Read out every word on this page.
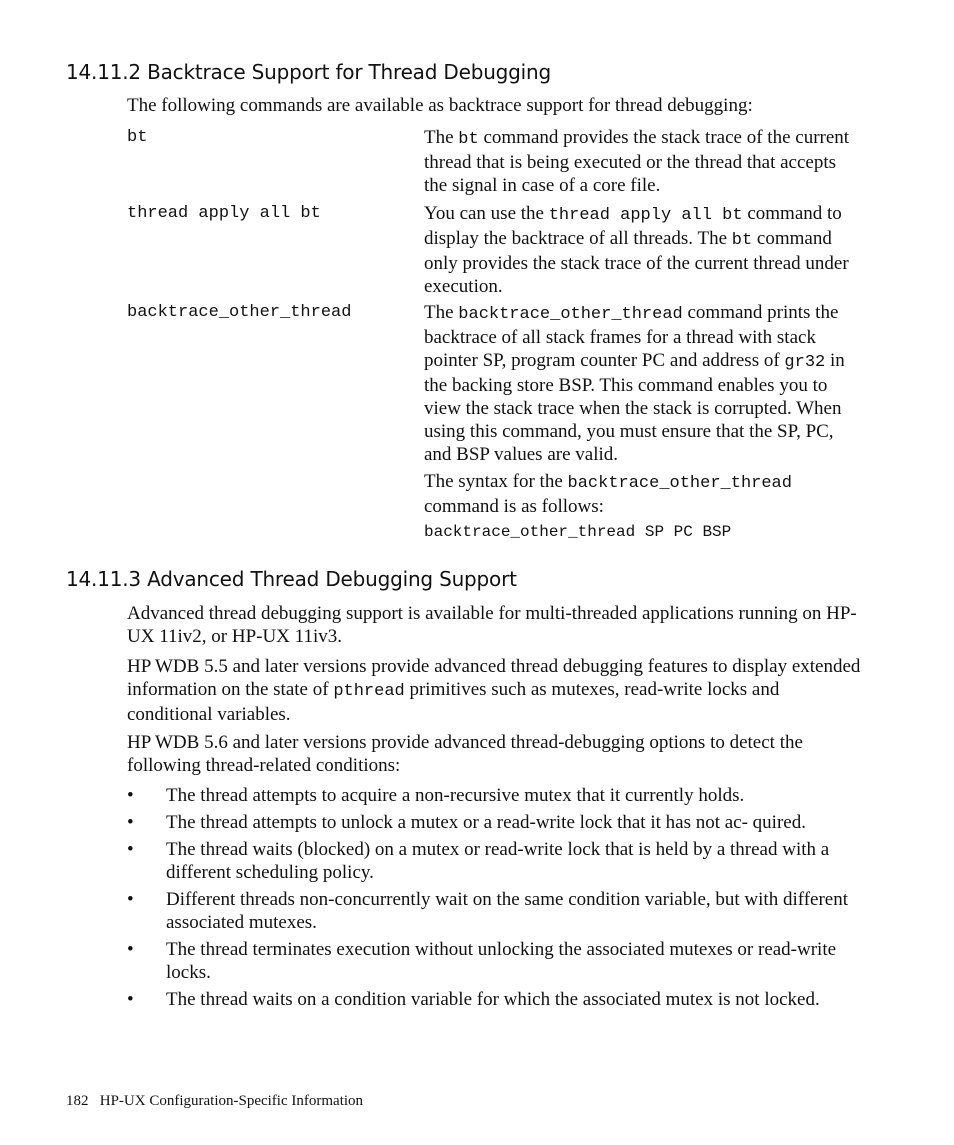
14.11.2 Backtrace Support for Thread Debugging

The following commands are available as backtrace support for thread debugging:

bt	The bt command provides the stack trace of the current thread that is being executed or the thread that accepts the signal in case of a core file.
thread apply all bt	You can use the thread apply all bt command to display the backtrace of all threads. The bt command only provides the stack trace of the current thread under execution.
backtrace_other_thread	The backtrace_other_thread command prints the backtrace of all stack frames for a thread with stack pointer SP, program counter PC and address of gr32 in the backing store BSP. This command enables you to view the stack trace when the stack is corrupted. When using this command, you must ensure that the SP, PC, and BSP values are valid.
The syntax for the backtrace_other_thread command is as follows:
backtrace_other_thread SP PC BSP
14.11.3 Advanced Thread Debugging Support

Advanced thread debugging support is available for multi-threaded applications running on HP-UX 11iv2, or HP-UX 11iv3.

HP WDB 5.5 and later versions provide advanced thread debugging features to display extended information on the state of pthread primitives such as mutexes, read-write locks and conditional variables.

HP WDB 5.6 and later versions provide advanced thread-debugging options to detect the following thread-related conditions:

• The thread attempts to acquire a non-recursive mutex that it currently holds.
• The thread attempts to unlock a mutex or a read-write lock that it has not ac- quired.
• The thread waits (blocked) on a mutex or read-write lock that is held by a thread with a different scheduling policy.
• Different threads non-concurrently wait on the same condition variable, but with different associated mutexes.
• The thread terminates execution without unlocking the associated mutexes or read-write locks.
• The thread waits on a condition variable for which the associated mutex is not locked.
182 HP-UX Configuration-Specific Information
